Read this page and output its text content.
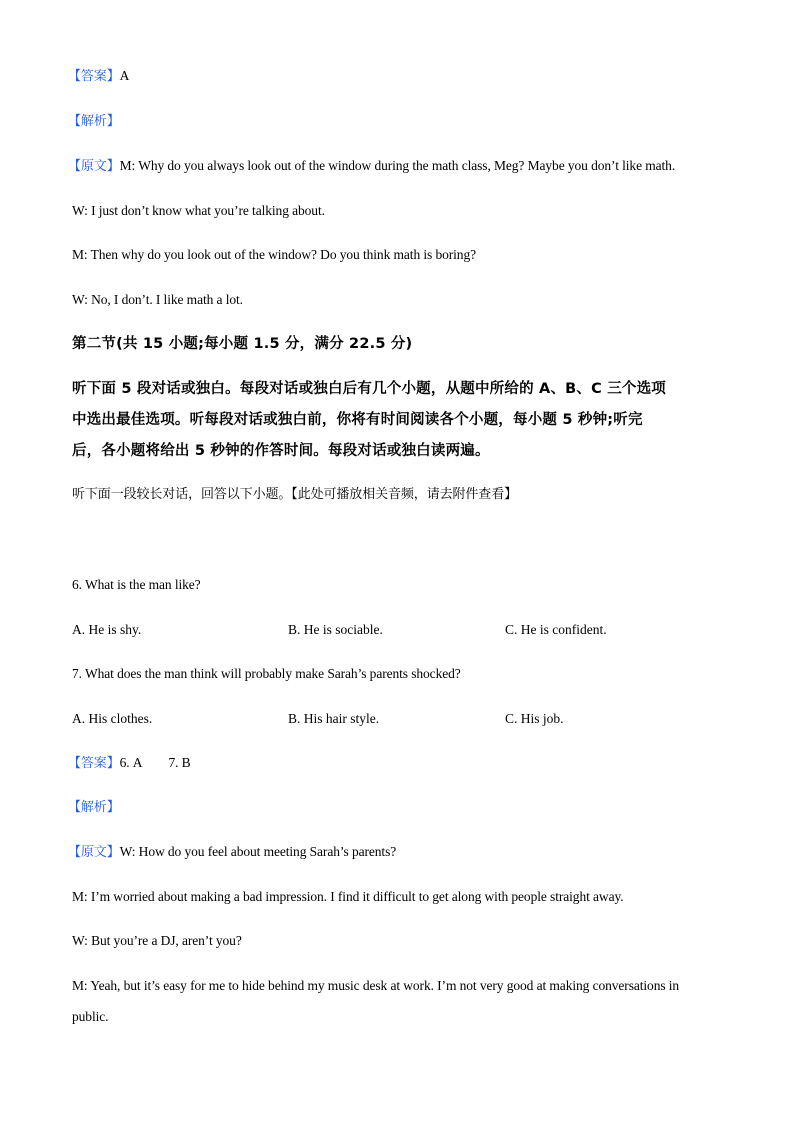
【答案】A
【解析】
【原文】M: Why do you always look out of the window during the math class, Meg? Maybe you don’t like math.
W: I just don’t know what you’re talking about.
M: Then why do you look out of the window? Do you think math is boring?
W: No, I don’t. I like math a lot.
第二节(共 15 小题;每小题 1.5 分，满分 22.5 分)
听下面 5 段对话或独白。每段对话或独白后有几个小题，从题中所给的 A、B、C 三个选项
中选出最佳选项。听每段对话或独白前，你将有时间阅读各个小题，每小题 5 秒钟;听完
后，各小题将给出 5 秒钟的作答时间。每段对话或独白读两遍。
听下面一段较长对话，回答以下小题。【此处可播放相关音频，请去附件查看】
6. What is the man like?
A. He is shy.	B. He is sociable.	C. He is confident.
7. What does the man think will probably make Sarah’s parents shocked?
A. His clothes.	B. His hair style.	C. His job.
【答案】6. A 7. B
【解析】
【原文】W: How do you feel about meeting Sarah’s parents?
M: I’m worried about making a bad impression. I find it difficult to get along with people straight away.
W: But you’re a DJ, aren’t you?
M: Yeah, but it’s easy for me to hide behind my music desk at work. I’m not very good at making conversations in
public.
